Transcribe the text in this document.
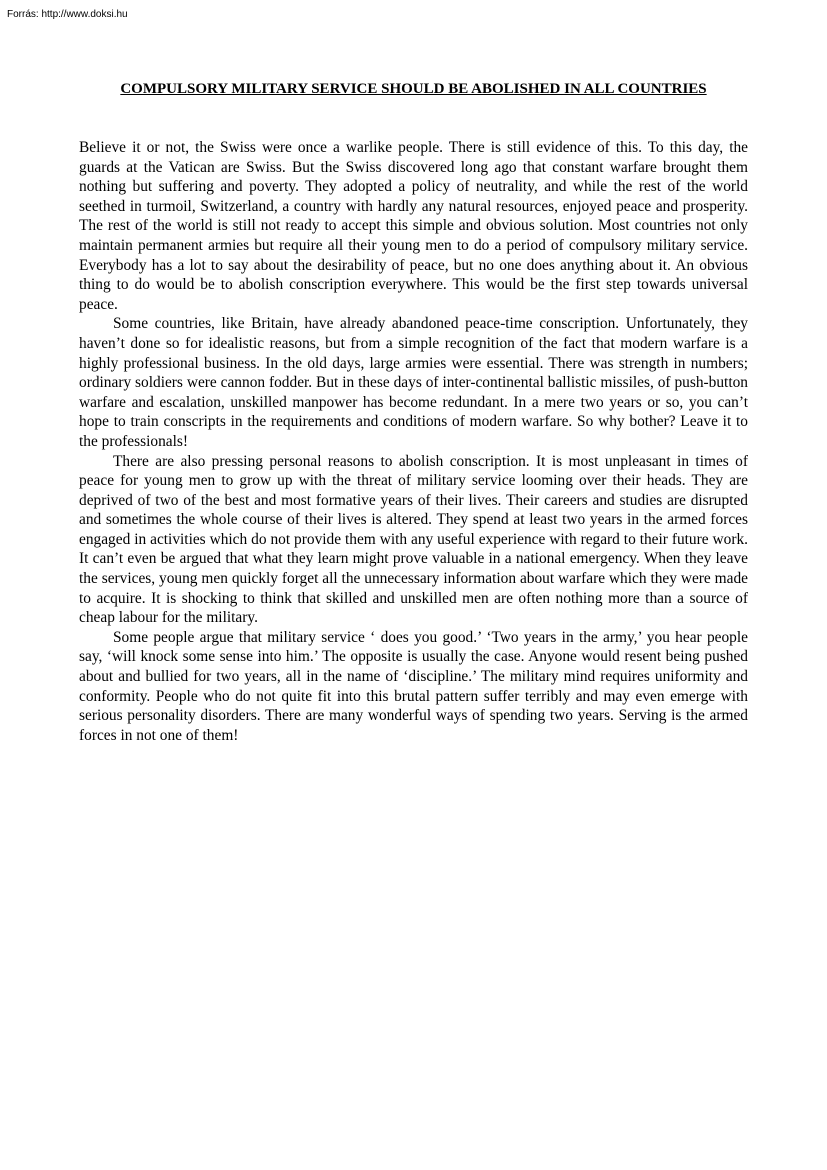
Forrás: http://www.doksi.hu
COMPULSORY MILITARY SERVICE SHOULD BE ABOLISHED IN ALL COUNTRIES

Believe it or not, the Swiss were once a warlike people. There is still evidence of this. To this day, the guards at the Vatican are Swiss. But the Swiss discovered long ago that constant warfare brought them nothing but suffering and poverty. They adopted a policy of neutrality, and while the rest of the world seethed in turmoil, Switzerland, a country with hardly any natural resources, enjoyed peace and prosperity. The rest of the world is still not ready to accept this simple and obvious solution. Most countries not only maintain permanent armies but require all their young men to do a period of compulsory military service. Everybody has a lot to say about the desirability of peace, but no one does anything about it. An obvious thing to do would be to abolish conscription everywhere. This would be the first step towards universal peace.

Some countries, like Britain, have already abandoned peace-time conscription. Unfortunately, they haven’t done so for idealistic reasons, but from a simple recognition of the fact that modern warfare is a highly professional business. In the old days, large armies were essential. There was strength in numbers; ordinary soldiers were cannon fodder. But in these days of inter-continental ballistic missiles, of push-button warfare and escalation, unskilled manpower has become redundant. In a mere two years or so, you can’t hope to train conscripts in the requirements and conditions of modern warfare. So why bother? Leave it to the professionals!

There are also pressing personal reasons to abolish conscription. It is most unpleasant in times of peace for young men to grow up with the threat of military service looming over their heads. They are deprived of two of the best and most formative years of their lives. Their careers and studies are disrupted and sometimes the whole course of their lives is altered. They spend at least two years in the armed forces engaged in activities which do not provide them with any useful experience with regard to their future work. It can’t even be argued that what they learn might prove valuable in a national emergency. When they leave the services, young men quickly forget all the unnecessary information about warfare which they were made to acquire. It is shocking to think that skilled and unskilled men are often nothing more than a source of cheap labour for the military.

Some people argue that military service ‘ does you good.’ ‘Two years in the army,’ you hear people say, ‘will knock some sense into him.’ The opposite is usually the case. Anyone would resent being pushed about and bullied for two years, all in the name of ‘discipline.’ The military mind requires uniformity and conformity. People who do not quite fit into this brutal pattern suffer terribly and may even emerge with serious personality disorders. There are many wonderful ways of spending two years. Serving is the armed forces in not one of them!
